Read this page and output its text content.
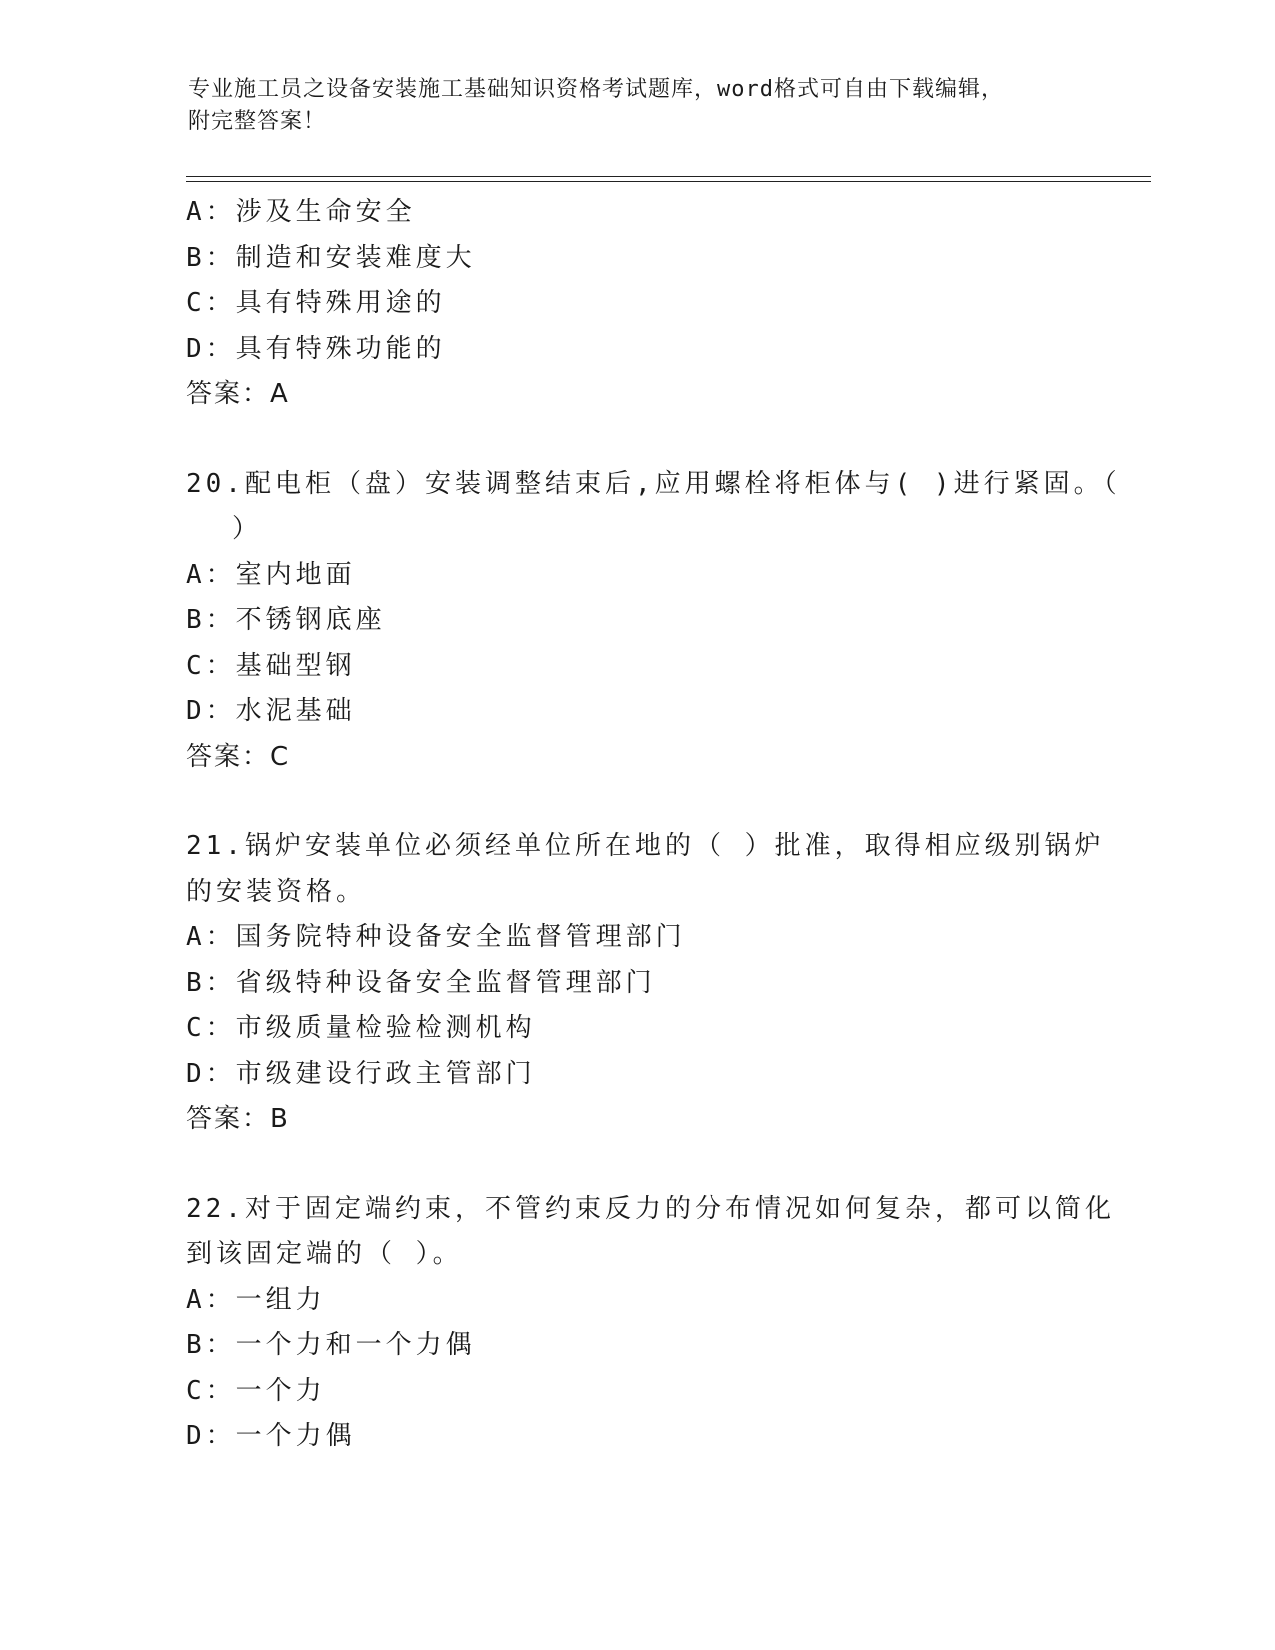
专业施工员之设备安装施工基础知识资格考试题库，word格式可自由下载编辑，
附完整答案！
A：涉及生命安全
B：制造和安装难度大
C：具有特殊用途的
D：具有特殊功能的
答案：A
20.配电柜（盘）安装调整结束后,应用螺栓将柜体与( )进行紧固。（
）
A：室内地面
B：不锈钢底座
C：基础型钢
D：水泥基础
答案：C
21.锅炉安装单位必须经单位所在地的（ ）批准，取得相应级别锅炉
的安装资格。
A：国务院特种设备安全监督管理部门
B：省级特种设备安全监督管理部门
C：市级质量检验检测机构
D：市级建设行政主管部门
答案：B
22.对于固定端约束，不管约束反力的分布情况如何复杂，都可以简化
到该固定端的（ ）。
A：一组力
B：一个力和一个力偶
C：一个力
D：一个力偶
